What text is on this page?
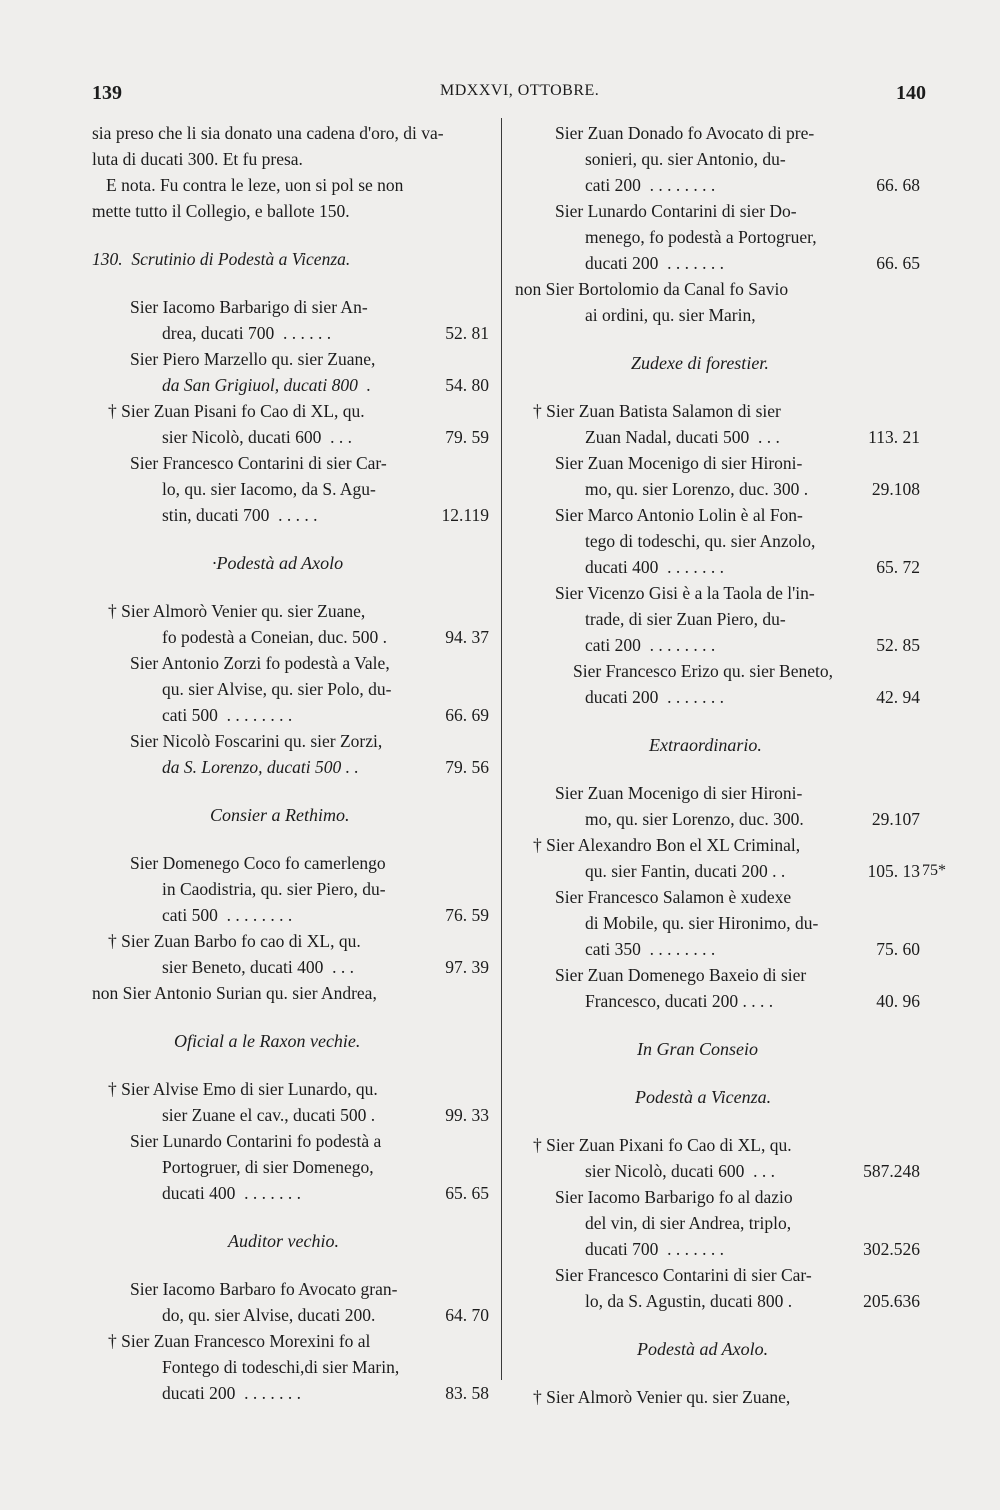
139	MDXXVI, OTTOBRE.	140
sia preso che li sia donato una cadena d'oro, di va-
luta di ducati 300. Et fu presa.
E nota. Fu contra le leze, uon si pol se non
mette tutto il Collegio, e ballote 150.
130.  Scrutinio di Podestà a Vicenza.
Sier Iacomo Barbarigo di sier An-
drea, ducati 700  . . . . . .	52. 81
Sier Piero Marzello qu. sier Zuane,
da San Grigiuol, ducati 800  .	54. 80
† Sier Zuan Pisani fo Cao di XL, qu.
sier Nicolò, ducati 600  . . .	79. 59
Sier Francesco Contarini di sier Car-
lo, qu. sier Iacomo, da S. Agu-
stin, ducati 700  . . . . .	12.119
·Podestà ad Axolo
† Sier Almorò Venier qu. sier Zuane,
fo podestà a Coneian, duc. 500 .	94. 37
Sier Antonio Zorzi fo podestà a Vale,
qu. sier Alvise, qu. sier Polo, du-
cati 500  . . . . . . . .	66. 69
Sier Nicolò Foscarini qu. sier Zorzi,
da S. Lorenzo, ducati 500 . .	79. 56
Consier a Rethimo.
Sier Domenego Coco fo camerlengo
in Caodistria, qu. sier Piero, du-
cati 500  . . . . . . . .	76. 59
† Sier Zuan Barbo fo cao di XL, qu.
sier Beneto, ducati 400  . . .	97. 39
non Sier Antonio Surian qu. sier Andrea,
Oficial a le Raxon vechie.
† Sier Alvise Emo di sier Lunardo, qu.
sier Zuane el cav., ducati 500 .	99. 33
Sier Lunardo Contarini fo podestà a
Portogruer, di sier Domenego,
ducati 400  . . . . . . .	65. 65
Auditor vechio.
Sier Iacomo Barbaro fo Avocato gran-
do, qu. sier Alvise, ducati 200.	64. 70
† Sier Zuan Francesco Morexini fo al
Fontego di todeschi,di sier Marin,
ducati 200  . . . . . . .	83. 58
Sier Zuan Donado fo Avocato di pre-
sonieri, qu. sier Antonio, du-
cati 200  . . . . . . . .	66. 68
Sier Lunardo Contarini di sier Do-
menego, fo podestà a Portogruer,
ducati 200  . . . . . . .	66. 65
non Sier Bortolomio da Canal fo Savio
ai ordini, qu. sier Marin,
Zudexe di forestier.
† Sier Zuan Batista Salamon di sier
Zuan Nadal, ducati 500  . . .	113. 21
Sier Zuan Mocenigo di sier Hironi-
mo, qu. sier Lorenzo, duc. 300 .	29.108
Sier Marco Antonio Lolin è al Fon-
tego di todeschi, qu. sier Anzolo,
ducati 400  . . . . . . .	65. 72
Sier Vicenzo Gisi è a la Taola de l'in-
trade, di sier Zuan Piero, du-
cati 200  . . . . . . . .	52. 85
Sier Francesco Erizo qu. sier Beneto,
ducati 200  . . . . . . .	42. 94
Extraordinario.
Sier Zuan Mocenigo di sier Hironi-
mo, qu. sier Lorenzo, duc. 300.	29.107
† Sier Alexandro Bon el XL Criminal,
qu. sier Fantin, ducati 200 . .	105. 13
Sier Francesco Salamon è xudexe
di Mobile, qu. sier Hironimo, du-
cati 350  . . . . . . . .	75. 60
Sier Zuan Domenego Baxeio di sier
Francesco, ducati 200 . . . .	40. 96
In Gran Conseio
Podestà a Vicenza.
† Sier Zuan Pixani fo Cao di XL, qu.
sier Nicolò, ducati 600  . . .	587.248
Sier Iacomo Barbarigo fo al dazio
del vin, di sier Andrea, triplo,
ducati 700  . . . . . . .	302.526
Sier Francesco Contarini di sier Car-
lo, da S. Agustin, ducati 800 .	205.636
Podestà ad Axolo.
† Sier Almorò Venier qu. sier Zuane,
75*
